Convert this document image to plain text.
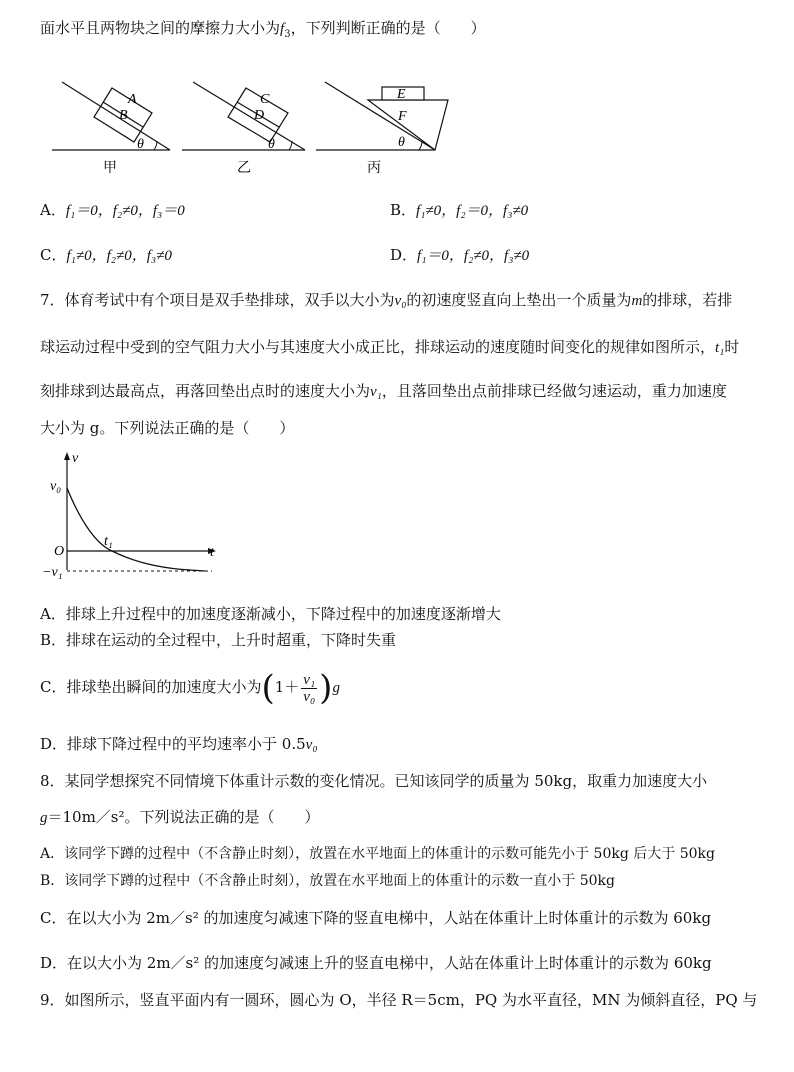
面水平且两物块之间的摩擦力大小为$f_3$，下列判断正确的是（　　）
A
B
θ
甲
C
D
θ
乙
E
F
θ
丙
A．f₁＝0，f₂≠0，f₃＝0	B．f₁≠0，f₂＝0，f₃≠0
C．f₁≠0，f₂≠0，f₃≠0	D．f₁＝0，f₂≠0，f₃≠0
7．体育考试中有个项目是双手垫排球，双手以大小为v₀的初速度竖直向上垫出一个质量为m的排球，若排
球运动过程中受到的空气阻力大小与其速度大小成正比，排球运动的速度随时间变化的规律如图所示，t₁时
刻排球到达最高点，再落回垫出点时的速度大小为v₁，且落回垫出点前排球已经做匀速运动，重力加速度
大小为 g。下列说法正确的是（　　）
v
v₀
O	t
t₁
−v₁
A．排球上升过程中的加速度逐渐减小，下降过程中的加速度逐渐增大
B．排球在运动的全过程中，上升时超重，下降时失重
C．排球垫出瞬间的加速度大小为$(1+ \frac{\text{v₁}}{\text{v₀}} )g$
D．排球下降过程中的平均速率小于 0.5v₀
8．某同学想探究不同情境下体重计示数的变化情况。已知该同学的质量为 50kg，取重力加速度大小
g＝10m／s²。下列说法正确的是（　　）
A．该同学下蹲的过程中（不含静止时刻），放置在水平地面上的体重计的示数可能先小于 50kg 后大于 50kg
B．该同学下蹲的过程中（不含静止时刻），放置在水平地面上的体重计的示数一直小于 50kg
C．在以大小为 2m／s² 的加速度匀减速下降的竖直电梯中，人站在体重计上时体重计的示数为 60kg
D．在以大小为 2m／s² 的加速度匀减速上升的竖直电梯中，人站在体重计上时体重计的示数为 60kg
9．如图所示，竖直平面内有一圆环，圆心为 O，半径 R＝5cm，PQ 为水平直径，MN 为倾斜直径，PQ 与
